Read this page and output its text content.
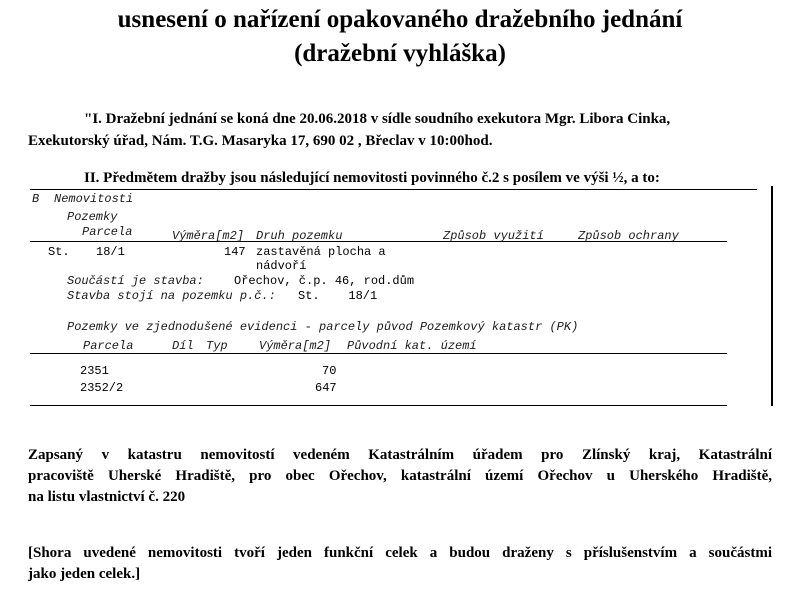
usnesení o nařízení opakovaného dražebního jednání
(dražební vyhláška)
"I. Dražební jednání se koná dne 20.06.2018 v sídle soudního exekutora Mgr. Libora Cinka,
Exekutorský úřad, Nám. T.G. Masaryka 17, 690 02 , Břeclav v 10:00hod.
II. Předmětem dražby jsou následující nemovitosti povinného č.2 s posílem ve výši ½, a to:
B Nemovitosti
Pozemky
Parcela	Výměra[m2] Druh pozemku	Způsob využití	Způsob ochrany
St. 18/1	147 zastavěná plocha a
nádvoří
Součástí je stavba:	Ořechov, č.p. 46, rod.dům
Stavba stojí na pozemku p.č.: St.    18/1
Pozemky ve zjednodušené evidenci - parcely původ Pozemkový katastr (PK)
Parcela	Díl Typ	Výměra[m2] Původní kat. území
2351	70
2352/2	647
Zapsaný v katastru nemovitostí vedeném Katastrálním úřadem pro Zlínský kraj, Katastrální
pracoviště Uherské Hradiště, pro obec Ořechov, katastrální území Ořechov u Uherského Hradiště,
na listu vlastnictví č. 220
[Shora uvedené nemovitosti tvoří jeden funkční celek a budou draženy s příslušenstvím a součástmi
jako jeden celek.]
